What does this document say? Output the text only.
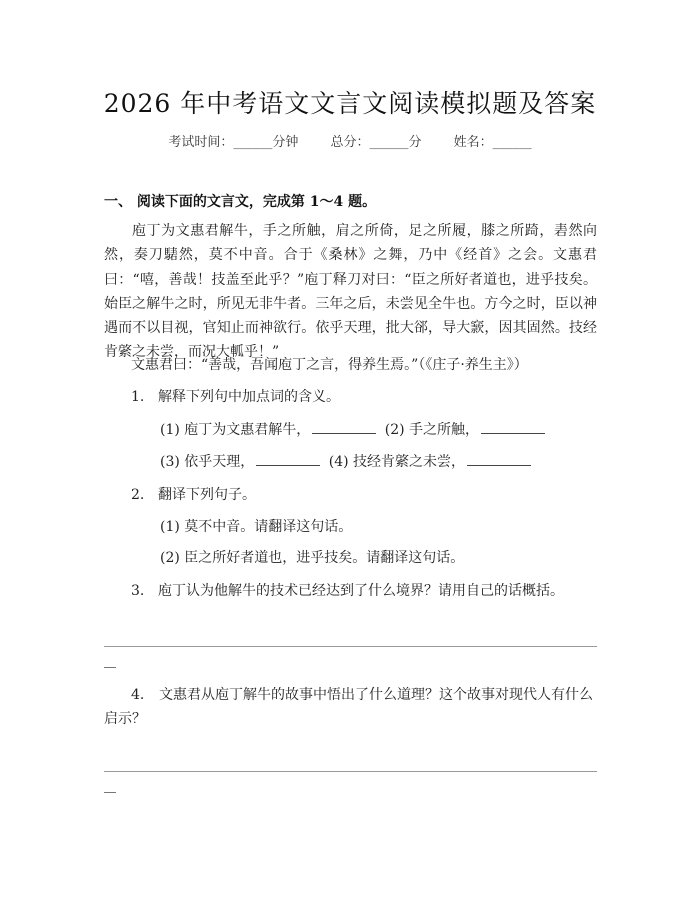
2026 年中考语文文言文阅读模拟题及答案
考试时间：______分钟 总分：______分 姓名：______
一、 阅读下面的文言文，完成第 1～4 题。
庖丁为文惠君解牛，手之所触，肩之所倚，足之所履，膝之所踦，砉然向然，奏刀騞然，莫不中音。合于《桑林》之舞，乃中《经首》之会。文惠君曰：“嘻，善哉！技盖至此乎？”庖丁释刀对曰：“臣之所好者道也，进乎技矣。始臣之解牛之时，所见无非牛者。三年之后，未尝见全牛也。方今之时，臣以神遇而不以目视，官知止而神欲行。依乎天理，批大郤，导大窾，因其固然。技经肯綮之未尝，而况大軱乎！”
文惠君曰：“善哉，吾闻庖丁之言，得养生焉。”（《庄子·养生主》）
1. 解释下列句中加点词的含义。
(1) 庖丁为文惠君解牛，	(2) 手之所触，
(3) 依乎天理，	(4) 技经肯綮之未尝，
2. 翻译下列句子。
(1) 莫不中音。请翻译这句话。
(2) 臣之所好者道也，进乎技矣。请翻译这句话。
3. 庖丁认为他解牛的技术已经达到了什么境界？请用自己的话概括。
4. 文惠君从庖丁解牛的故事中悟出了什么道理？这个故事对现代人有什么启示？
